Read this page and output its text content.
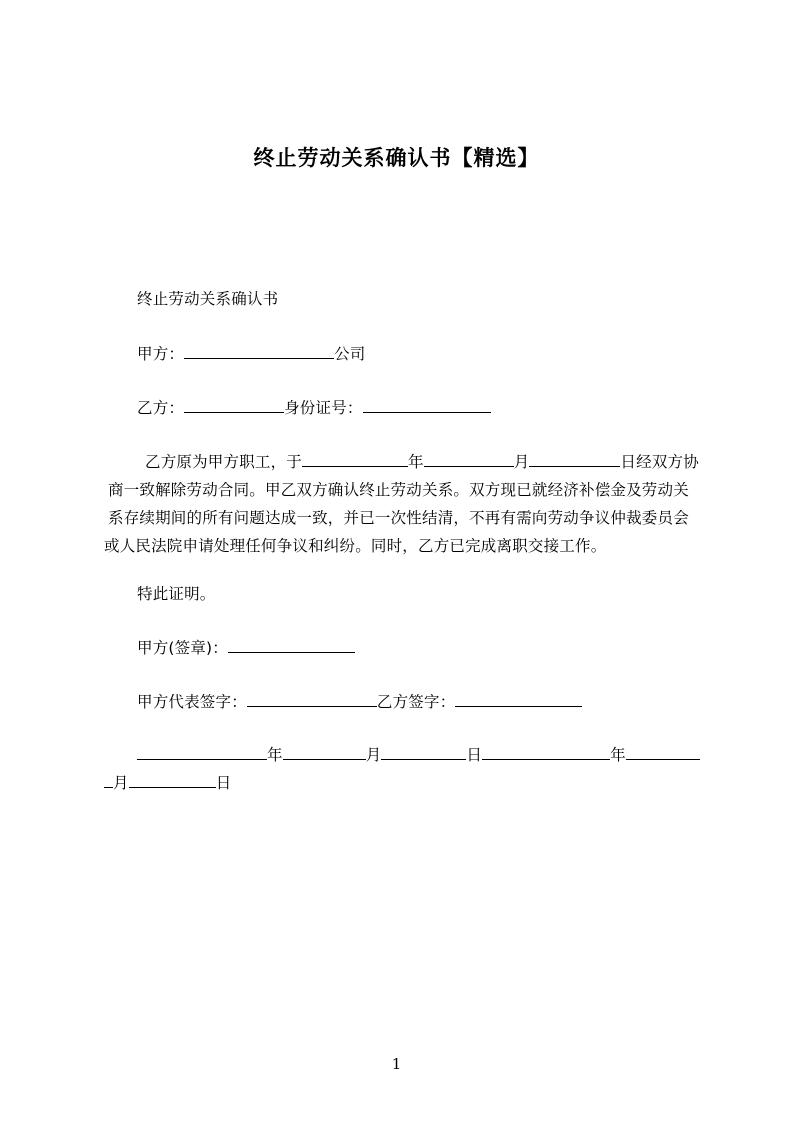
终止劳动关系确认书【精选】
终止劳动关系确认书
甲方：	公司
乙方：	身份证号：
乙方原为甲方职工，于	年	月	日经双方协
商一致解除劳动合同。甲乙双方确认终止劳动关系。双方现已就经济补偿金及劳动关
系存续期间的所有问题达成一致，并已一次性结清，不再有需向劳动争议仲裁委员会
或人民法院申请处理任何争议和纠纷。同时，乙方已完成离职交接工作。
特此证明。
甲方(签章)：
甲方代表签字：	乙方签字：
年	月	日	年
月	日
1
